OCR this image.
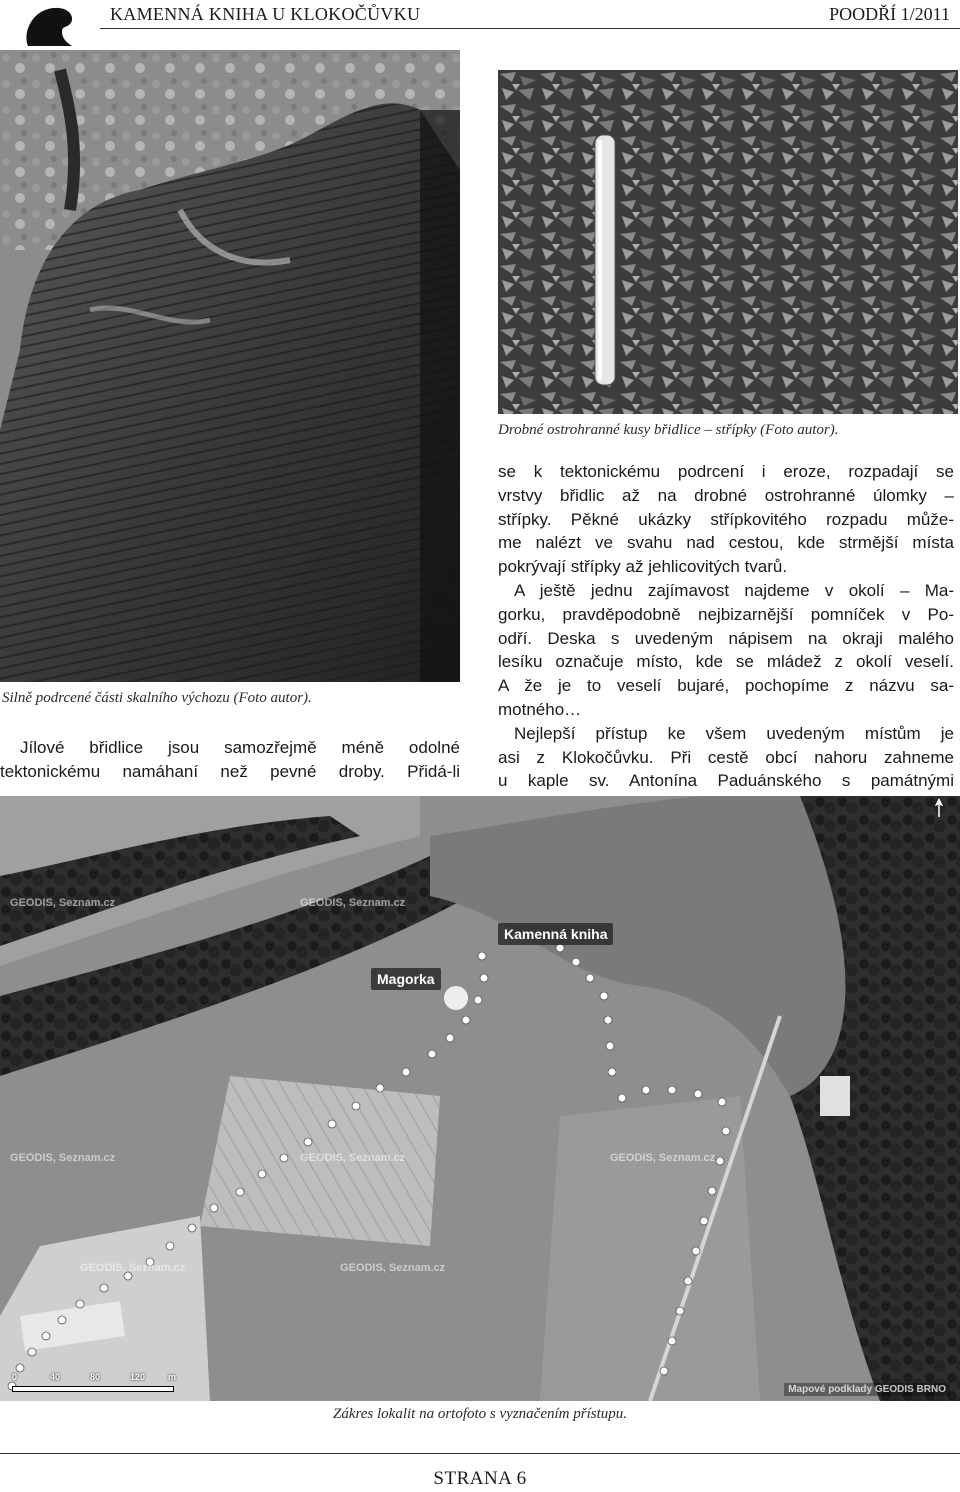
KAMENNÁ KNIHA U KLOKOČŮVKU	POODŘÍ 1/2011
Drobné ostrohranné kusy břidlice – střípky (Foto autor).
Silně podrcené části skalního výchozu (Foto autor).
Jílové břidlice jsou samozřejmě méně odolné
tektonickému namáhaní než pevné droby. Přidá-li
se k tektonickému podrcení i eroze, rozpadají se
vrstvy břidlic až na drobné ostrohranné úlomky –
střípky. Pěkné ukázky střípkovitého rozpadu může-
me nalézt ve svahu nad cestou, kde strmější místa
pokrývají střípky až jehlicovitých tvarů.
A ještě jednu zajímavost najdeme v okolí – Ma-
gorku, pravděpodobně nejbizarnější pomníček v Po-
odří. Deska s uvedeným nápisem na okraji malého
lesíku označuje místo, kde se mládež z okolí veselí.
A že je to veselí bujaré, pochopíme z názvu sa-
motného…
Nejlepší přístup ke všem uvedeným místům je
asi z Klokočůvku. Při cestě obcí nahoru zahneme
u kaple sv. Antonína Paduánského s památnými
Kamenná kniha
Magorka
GEODIS, Seznam.cz	GEODIS, Seznam.cz
GEODIS, Seznam.cz	GEODIS, Seznam.cz	GEODIS, Seznam.cz
GEODIS, Seznam.cz	GEODIS, Seznam.cz
Mapové podklady GEODIS BRNO
0	40	80	120	m
Zákres lokalit na ortofoto s vyznačením přístupu.
STRANA 6
